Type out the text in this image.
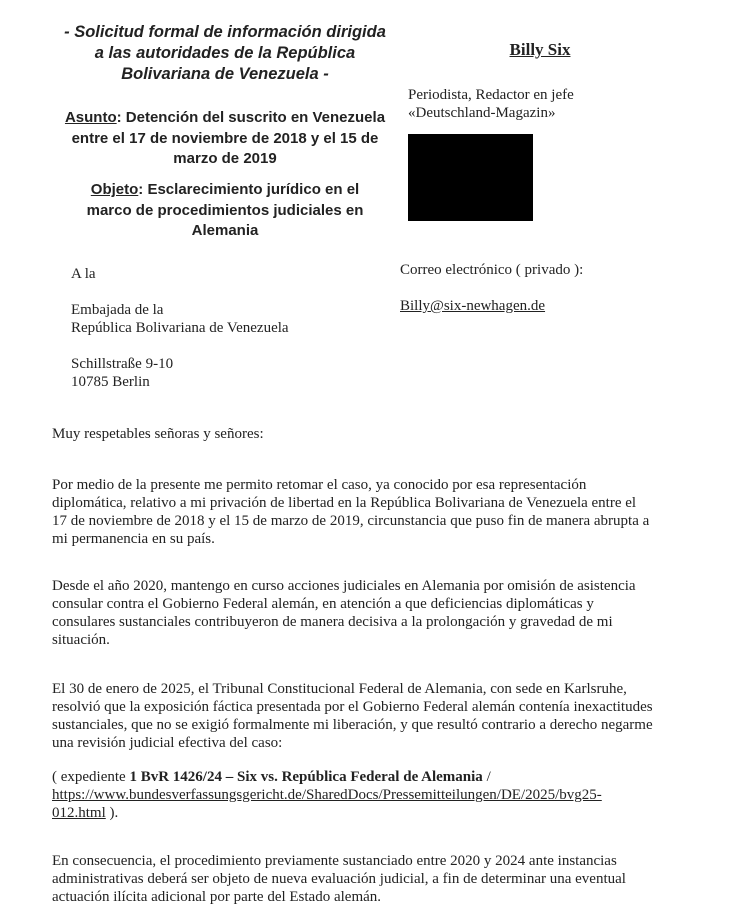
- Solicitud formal de información dirigida
a las autoridades de la República
Bolivariana de Venezuela -
Asunto: Detención del suscrito en Venezuela
entre el 17 de noviembre de 2018 y el 15 de
marzo de 2019
Objeto: Esclarecimiento jurídico en el
marco de procedimientos judiciales en
Alemania
Billy Six
Periodista, Redactor en jefe
«Deutschland-Magazin»
Correo electrónico ( privado ):
Billy@six-newhagen.de
A la
Embajada de la
República Bolivariana de Venezuela
Schillstraße 9-10
10785 Berlin
Muy respetables señoras y señores:
Por medio de la presente me permito retomar el caso, ya conocido por esa representación
diplomática, relativo a mi privación de libertad en la República Bolivariana de Venezuela entre el
17 de noviembre de 2018 y el 15 de marzo de 2019, circunstancia que puso fin de manera abrupta a
mi permanencia en su país.
Desde el año 2020, mantengo en curso acciones judiciales en Alemania por omisión de asistencia
consular contra el Gobierno Federal alemán, en atención a que deficiencias diplomáticas y
consulares sustanciales contribuyeron de manera decisiva a la prolongación y gravedad de mi
situación.
El 30 de enero de 2025, el Tribunal Constitucional Federal de Alemania, con sede en Karlsruhe,
resolvió que la exposición fáctica presentada por el Gobierno Federal alemán contenía inexactitudes
sustanciales, que no se exigió formalmente mi liberación, y que resultó contrario a derecho negarme
una revisión judicial efectiva del caso:
( expediente 1 BvR 1426/24 – Six vs. República Federal de Alemania /
https://www.bundesverfassungsgericht.de/SharedDocs/Pressemitteilungen/DE/2025/bvg25-
012.html ).
En consecuencia, el procedimiento previamente sustanciado entre 2020 y 2024 ante instancias
administrativas deberá ser objeto de nueva evaluación judicial, a fin de determinar una eventual
actuación ilícita adicional por parte del Estado alemán.
